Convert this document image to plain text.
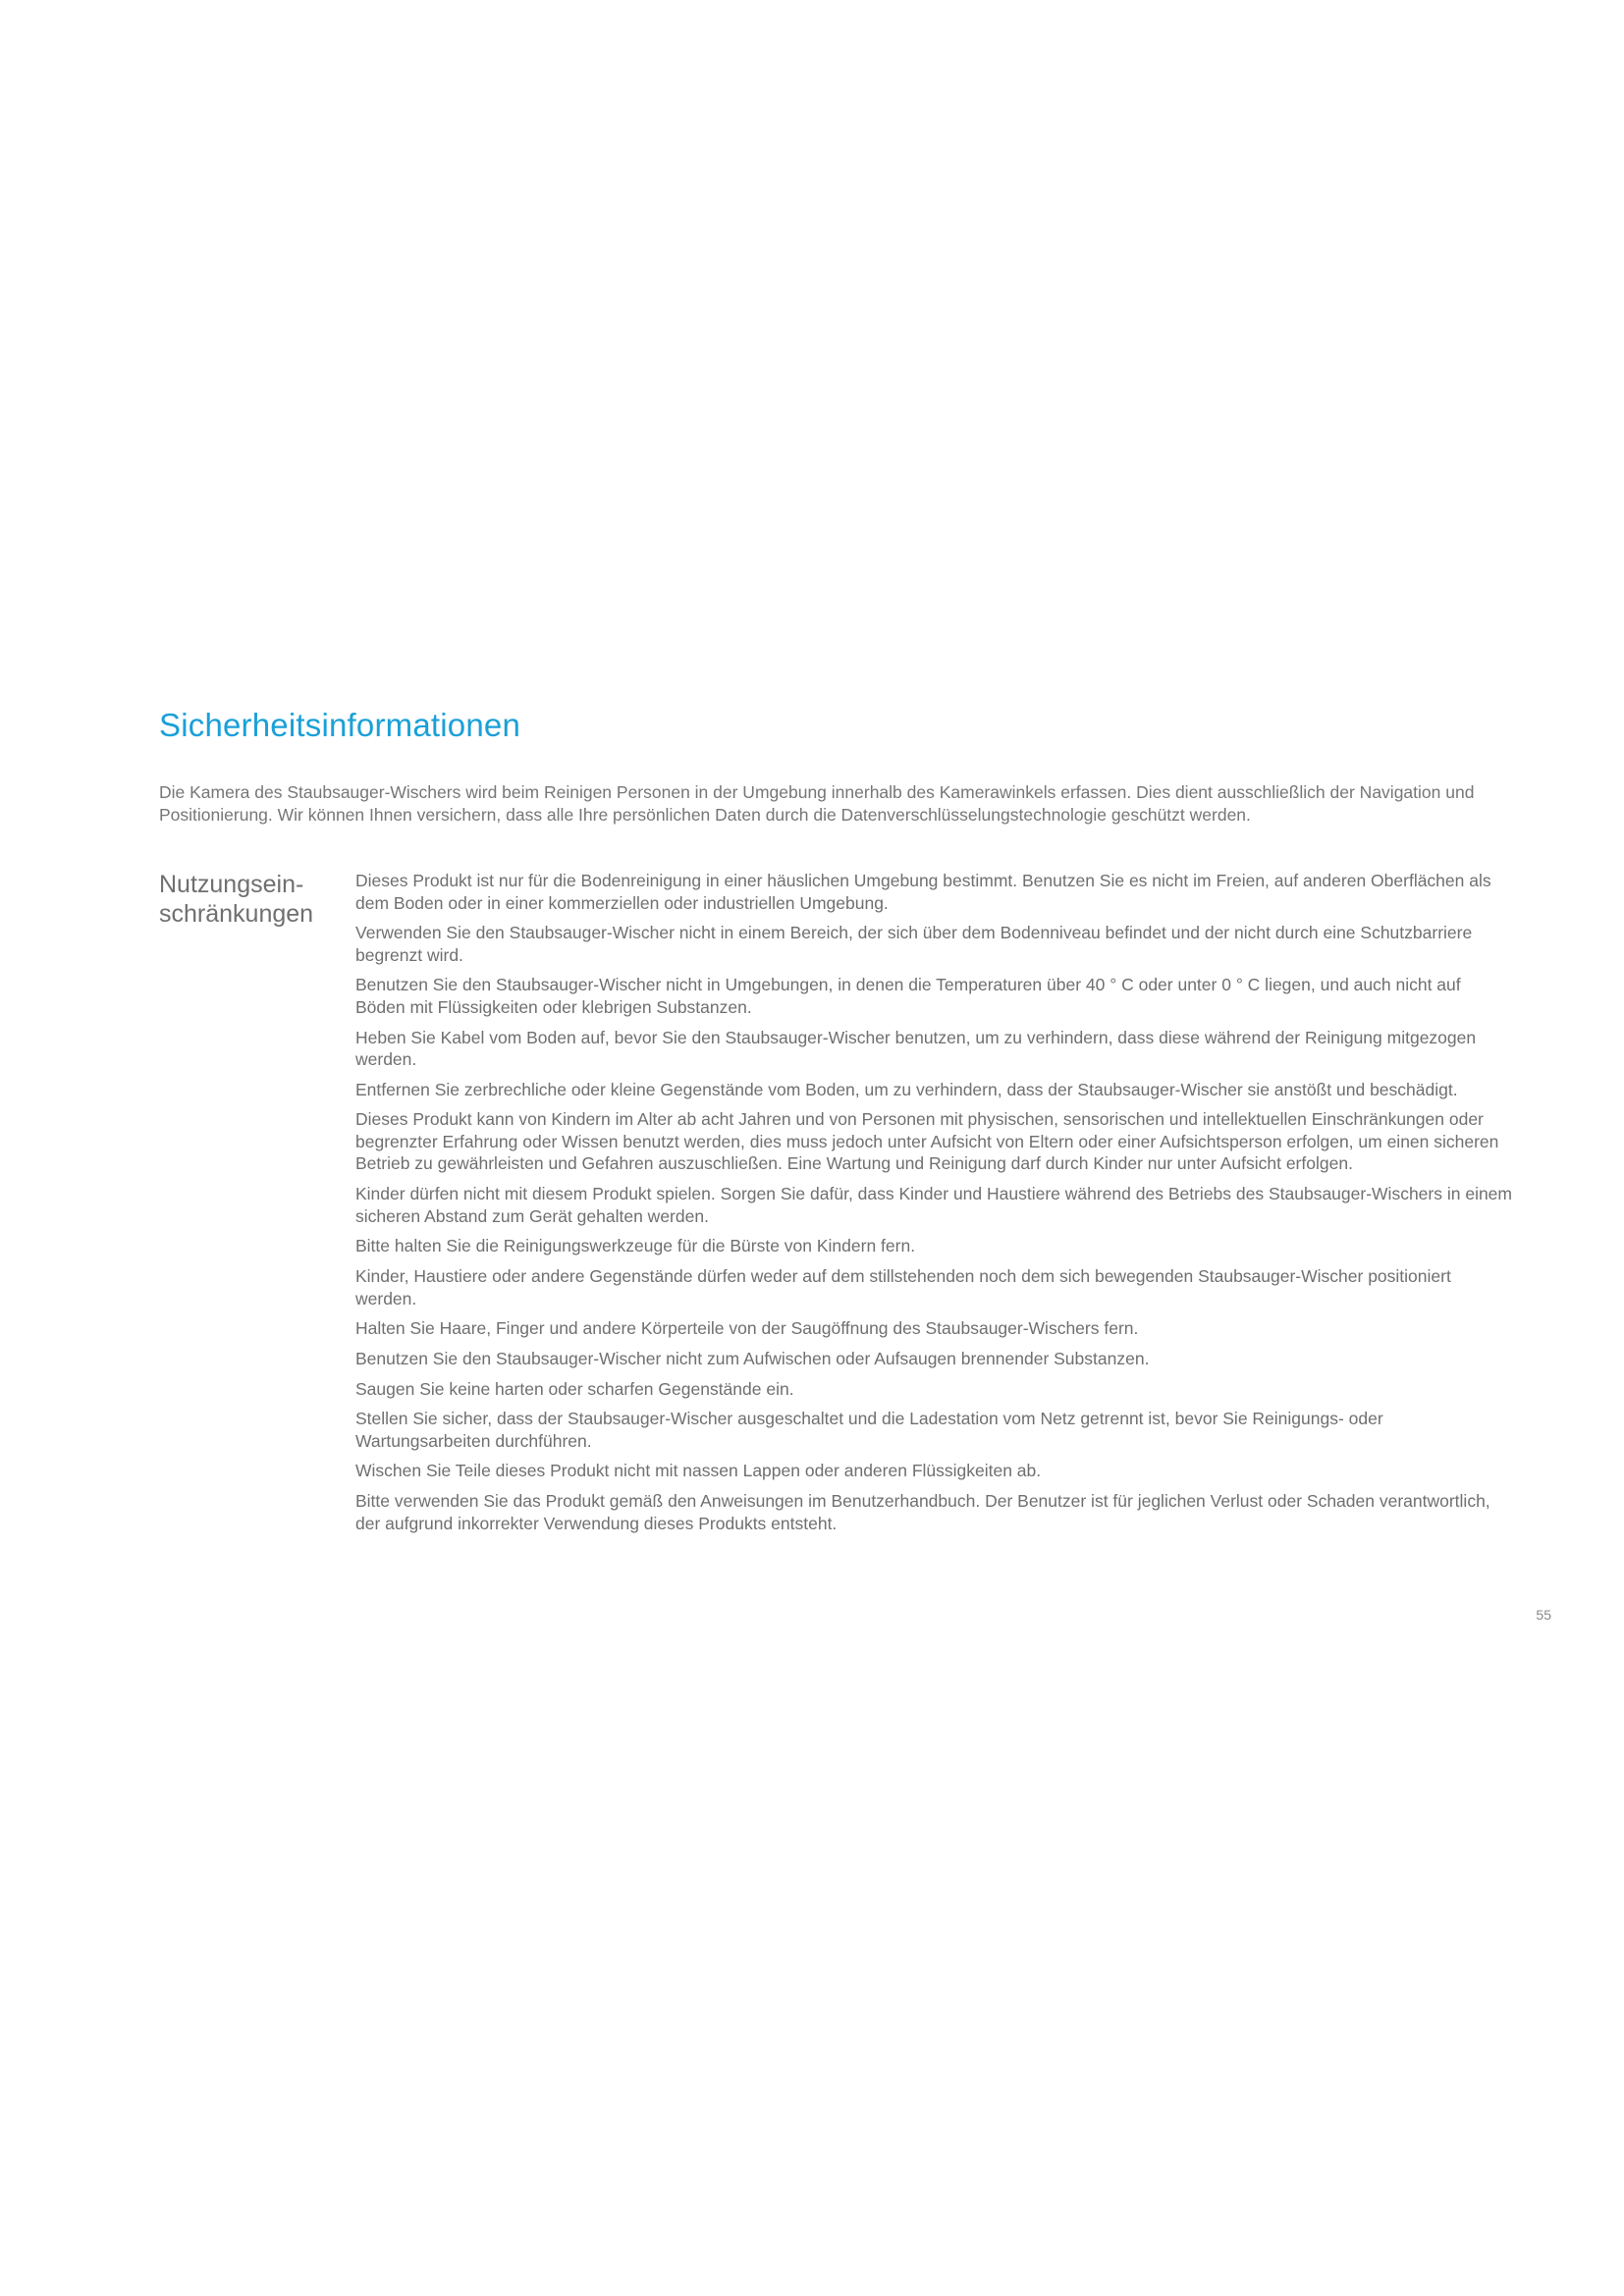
Sicherheitsinformationen

Die Kamera des Staubsauger-Wischers wird beim Reinigen Personen in der Umgebung innerhalb des Kamerawinkels erfassen. Dies dient ausschließlich der Navigation und Positionierung. Wir können Ihnen versichern, dass alle Ihre persönlichen Daten durch die Datenverschlüsselungstechnologie geschützt werden.

Nutzungsein-
schränkungen
Dieses Produkt ist nur für die Bodenreinigung in einer häuslichen Umgebung bestimmt. Benutzen Sie es nicht im Freien, auf anderen Oberflächen als dem Boden oder in einer kommerziellen oder industriellen Umgebung.
Verwenden Sie den Staubsauger-Wischer nicht in einem Bereich, der sich über dem Bodenniveau befindet und der nicht durch eine Schutzbarriere begrenzt wird.
Benutzen Sie den Staubsauger-Wischer nicht in Umgebungen, in denen die Temperaturen über 40 ° C oder unter 0 ° C liegen, und auch nicht auf Böden mit Flüssigkeiten oder klebrigen Substanzen.
Heben Sie Kabel vom Boden auf, bevor Sie den Staubsauger-Wischer benutzen, um zu verhindern, dass diese während der Reinigung mitgezogen werden.
Entfernen Sie zerbrechliche oder kleine Gegenstände vom Boden, um zu verhindern, dass der Staubsauger-Wischer sie anstößt und beschädigt.
Dieses Produkt kann von Kindern im Alter ab acht Jahren und von Personen mit physischen, sensorischen und intellektuellen Einschränkungen oder begrenzter Erfahrung oder Wissen benutzt werden, dies muss jedoch unter Aufsicht von Eltern oder einer Aufsichtsperson erfolgen, um einen sicheren Betrieb zu gewährleisten und Gefahren auszuschließen. Eine Wartung und Reinigung darf durch Kinder nur unter Aufsicht erfolgen.
Kinder dürfen nicht mit diesem Produkt spielen. Sorgen Sie dafür, dass Kinder und Haustiere während des Betriebs des Staubsauger-Wischers in einem sicheren Abstand zum Gerät gehalten werden.
Bitte halten Sie die Reinigungswerkzeuge für die Bürste von Kindern fern.
Kinder, Haustiere oder andere Gegenstände dürfen weder auf dem stillstehenden noch dem sich bewegenden Staubsauger-Wischer positioniert werden.
Halten Sie Haare, Finger und andere Körperteile von der Saugöffnung des Staubsauger-Wischers fern.
Benutzen Sie den Staubsauger-Wischer nicht zum Aufwischen oder Aufsaugen brennender Substanzen.
Saugen Sie keine harten oder scharfen Gegenstände ein.
Stellen Sie sicher, dass der Staubsauger-Wischer ausgeschaltet und die Ladestation vom Netz getrennt ist, bevor Sie Reinigungs- oder Wartungsarbeiten durchführen.
Wischen Sie Teile dieses Produkt nicht mit nassen Lappen oder anderen Flüssigkeiten ab.
Bitte verwenden Sie das Produkt gemäß den Anweisungen im Benutzerhandbuch. Der Benutzer ist für jeglichen Verlust oder Schaden verantwortlich, der aufgrund inkorrekter Verwendung dieses Produkts entsteht.
55
